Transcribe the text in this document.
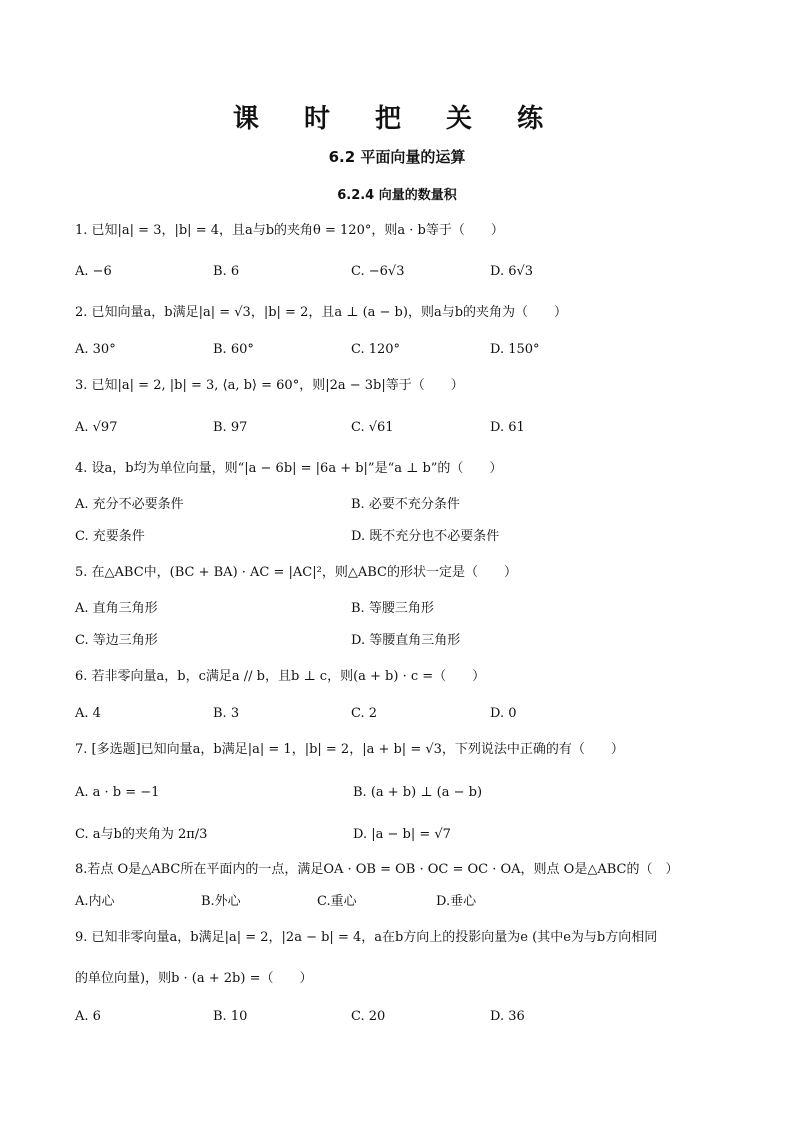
课 时 把 关 练
6.2 平面向量的运算
6.2.4 向量的数量积
1. 已知|a| = 3，|b| = 4，且a与b的夹角θ = 120°，则a · b等于（　　）
A. −6	B. 6	C. −6√3	D. 6√3
2. 已知向量a，b满足|a| = √3，|b| = 2，且a ⊥ (a − b)，则a与b的夹角为（　　）
A. 30°	B. 60°	C. 120°	D. 150°
3. 已知|a| = 2, |b| = 3, ⟨a, b⟩ = 60°，则|2a − 3b|等于（　　）
A. √97	B. 97	C. √61	D. 61
4. 设a，b均为单位向量，则“|a − 6b| = |6a + b|”是“a ⊥ b”的（　　）
A. 充分不必要条件	B. 必要不充分条件
C. 充要条件	D. 既不充分也不必要条件
5. 在△ABC中，(BC + BA) · AC = |AC|²，则△ABC的形状一定是（　　）
A. 直角三角形	B. 等腰三角形
C. 等边三角形	D. 等腰直角三角形
6. 若非零向量a，b，c满足a // b，且b ⊥ c，则(a + b) · c =（　　）
A. 4	B. 3	C. 2	D. 0
7. [多选题]已知向量a，b满足|a| = 1，|b| = 2，|a + b| = √3，下列说法中正确的有（　　）
A. a · b = −1	B. (a + b) ⊥ (a − b)
C. a与b的夹角为 2π/3	D. |a − b| = √7
8.若点 O是△ABC所在平面内的一点，满足OA · OB = OB · OC = OC · OA，则点 O是△ABC的（　）
A.内心	B.外心	C.重心	D.垂心
9. 已知非零向量a，b满足|a| = 2，|2a − b| = 4，a在b方向上的投影向量为e (其中e为与b方向相同
的单位向量)，则b · (a + 2b) =（　　）
A. 6	B. 10	C. 20	D. 36
